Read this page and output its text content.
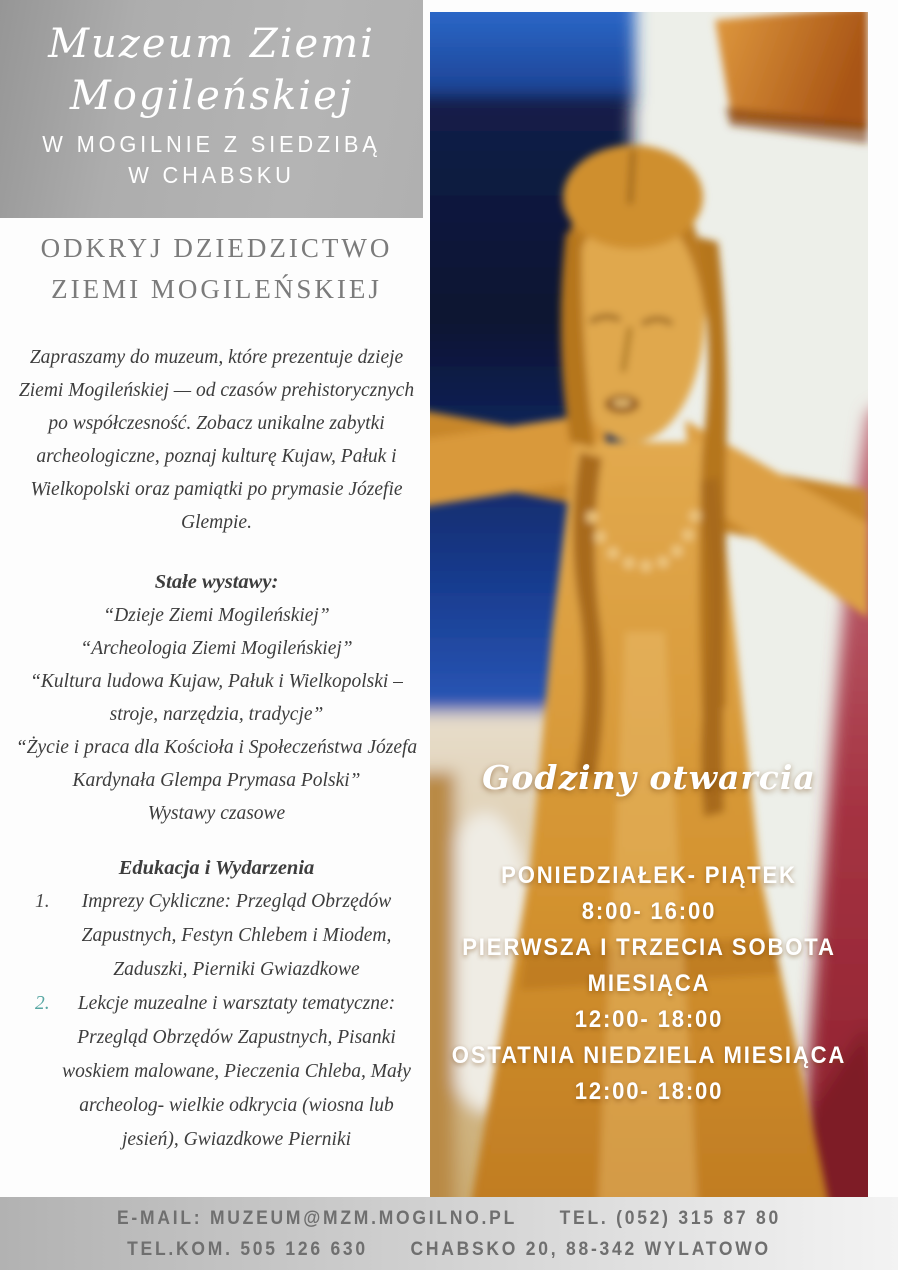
Muzeum Ziemi
Mogileńskiej
W MOGILNIE Z SIEDZIBĄ
W CHABSKU
ODKRYJ DZIEDZICTWO ZIEMI MOGILEŃSKIEJ
Zapraszamy do muzeum, które prezentuje dzieje Ziemi Mogileńskiej — od czasów prehistorycznych po współczesność. Zobacz unikalne zabytki archeologiczne, poznaj kulturę Kujaw, Pałuk i Wielkopolski oraz pamiątki po prymasie Józefie Glempie.
Stałe wystawy:
“Dzieje Ziemi Mogileńskiej”
“Archeologia Ziemi Mogileńskiej”
“Kultura ludowa Kujaw, Pałuk i Wielkopolski – stroje, narzędzia, tradycje”
“Życie i praca dla Kościoła i Społeczeństwa Józefa Kardynała Glempa Prymasa Polski”
Wystawy czasowe
Edukacja i Wydarzenia
1. Imprezy Cykliczne: Przegląd Obrzędów Zapustnych, Festyn Chlebem i Miodem, Zaduszki, Pierniki Gwiazdkowe
2. Lekcje muzealne i warsztaty tematyczne: Przegląd Obrzędów Zapustnych, Pisanki woskiem malowane, Pieczenia Chleba, Mały archeolog- wielkie odkrycia (wiosna lub jesień), Gwiazdkowe Pierniki
Godziny otwarcia
PONIEDZIAŁEK- PIĄTEK
8:00- 16:00
PIERWSZA I TRZECIA SOBOTA MIESIĄCA
12:00- 18:00
OSTATNIA NIEDZIELA MIESIĄCA
12:00- 18:00
E-MAIL: MUZEUM@MZM.MOGILNO.PL TEL. (052) 315 87 80
TEL.KOM. 505 126 630 CHABSKO 20, 88-342 WYLATOWO
